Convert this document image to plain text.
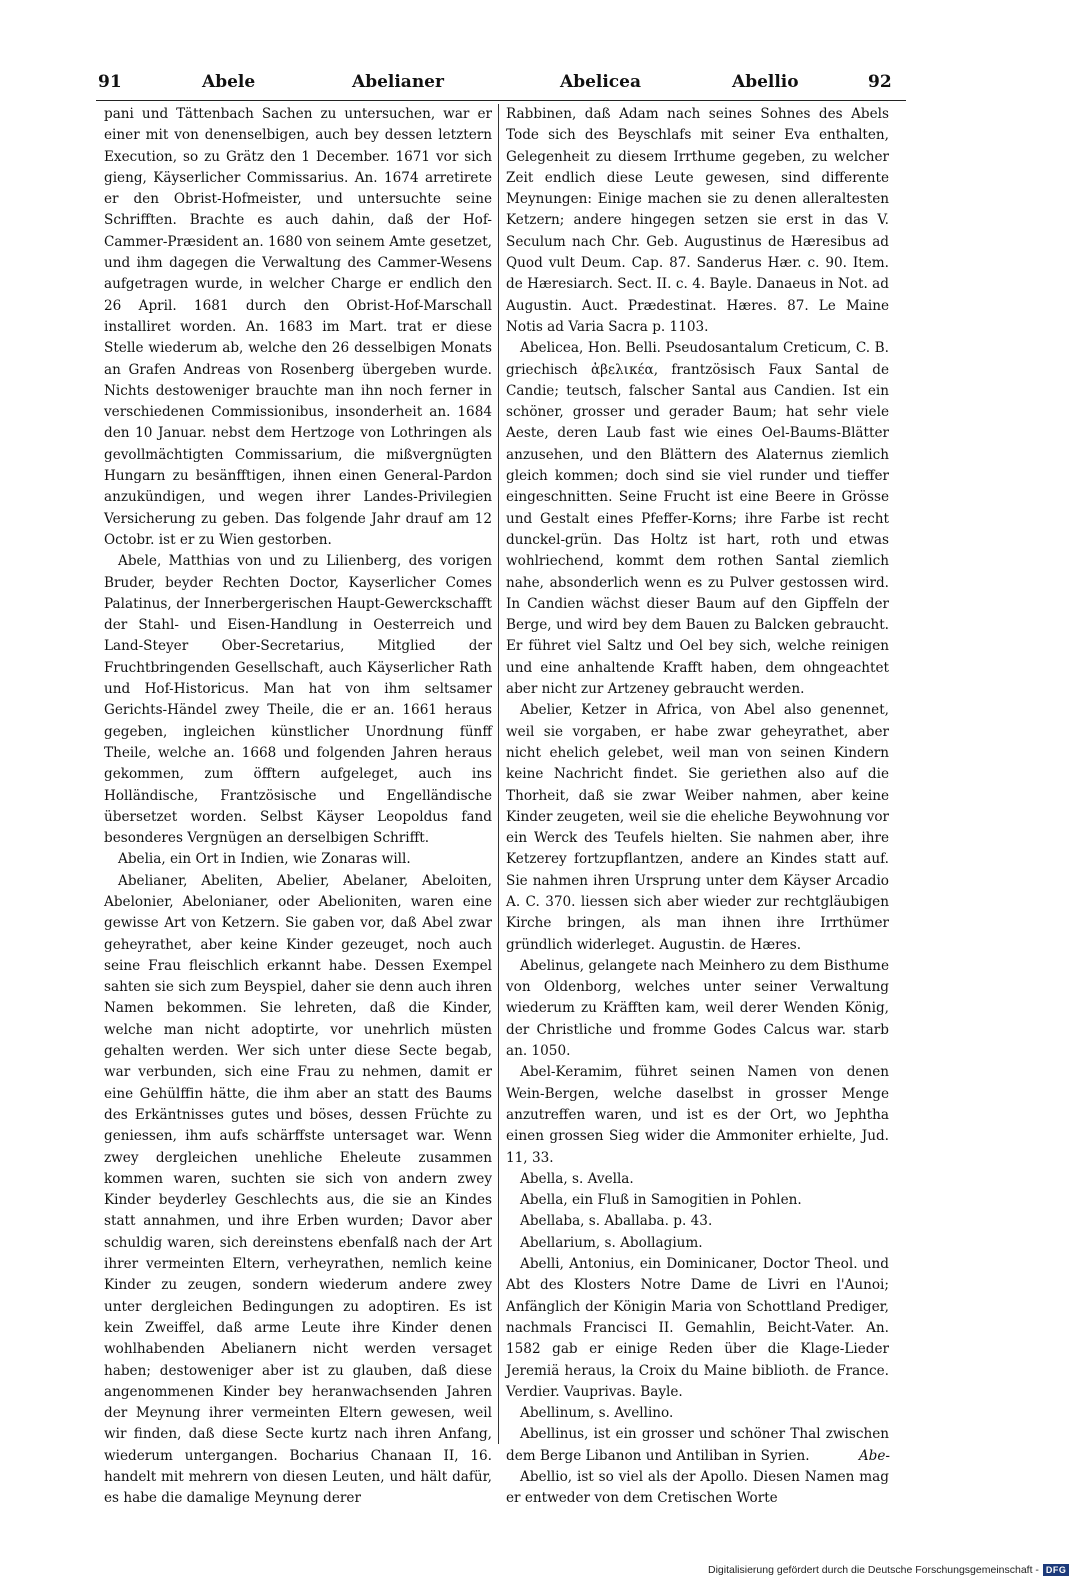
91	Abele	Abelianer	Abelicea	Abellio	92

pani und Tättenbach Sachen zu untersuchen, war er einer mit von denenselbigen, auch bey dessen letztern Execution, so zu Grätz den 1 December. 1671 vor sich gieng, Käyserlicher Commissarius. An. 1674 arretirete er den Obrist-Hofmeister, und untersuchte seine Schrifften. Brachte es auch dahin, daß der Hof-Cammer-Præsident an. 1680 von seinem Amte gesetzet, und ihm dagegen die Verwaltung des Cammer-Wesens aufgetragen wurde, in welcher Charge er endlich den 26 April. 1681 durch den Obrist-Hof-Marschall installiret worden. An. 1683 im Mart. trat er diese Stelle wiederum ab, welche den 26 desselbigen Monats an Grafen Andreas von Rosenberg übergeben wurde. Nichts destoweniger brauchte man ihn noch ferner in verschiedenen Commissionibus, insonderheit an. 1684 den 10 Januar. nebst dem Hertzoge von Lothringen als gevollmächtigten Commissarium, die mißvergnügten Hungarn zu besänfftigen, ihnen einen General-Pardon anzukündigen, und wegen ihrer Landes-Privilegien Versicherung zu geben. Das folgende Jahr drauf am 12 Octobr. ist er zu Wien gestorben.

Abele, Matthias von und zu Lilienberg, des vorigen Bruder, beyder Rechten Doctor, Kayserlicher Comes Palatinus, der Innerbergerischen Haupt-Gewerckschafft der Stahl- und Eisen-Handlung in Oesterreich und Land-Steyer Ober-Secretarius, Mitglied der Fruchtbringenden Gesellschaft, auch Käyserlicher Rath und Hof-Historicus. Man hat von ihm seltsamer Gerichts-Händel zwey Theile, die er an. 1661 heraus gegeben, ingleichen künstlicher Unordnung fünff Theile, welche an. 1668 und folgenden Jahren heraus gekommen, zum öfftern aufgeleget, auch ins Holländische, Frantzösische und Engelländische übersetzet worden. Selbst Käyser Leopoldus fand besonderes Vergnügen an derselbigen Schrifft.

Abelia, ein Ort in Indien, wie Zonaras will.

Abelianer, Abeliten, Abelier, Abelaner, Abeloiten, Abelonier, Abelonianer, oder Abelioniten, waren eine gewisse Art von Ketzern. Sie gaben vor, daß Abel zwar geheyrathet, aber keine Kinder gezeuget, noch auch seine Frau fleischlich erkannt habe. Dessen Exempel sahten sie sich zum Beyspiel, daher sie denn auch ihren Namen bekommen. Sie lehreten, daß die Kinder, welche man nicht adoptirte, vor unehrlich müsten gehalten werden. Wer sich unter diese Secte begab, war verbunden, sich eine Frau zu nehmen, damit er eine Gehülffin hätte, die ihm aber an statt des Baums des Erkäntnisses gutes und böses, dessen Früchte zu geniessen, ihm aufs schärffste untersaget war. Wenn zwey dergleichen unehliche Eheleute zusammen kommen waren, suchten sie sich von andern zwey Kinder beyderley Geschlechts aus, die sie an Kindes statt annahmen, und ihre Erben wurden; Davor aber schuldig waren, sich dereinstens ebenfalß nach der Art ihrer vermeinten Eltern, verheyrathen, nemlich keine Kinder zu zeugen, sondern wiederum andere zwey unter dergleichen Bedingungen zu adoptiren. Es ist kein Zweiffel, daß arme Leute ihre Kinder denen wohlhabenden Abelianern nicht werden versaget haben; destoweniger aber ist zu glauben, daß diese angenommenen Kinder bey heranwachsenden Jahren der Meynung ihrer vermeinten Eltern gewesen, weil wir finden, daß diese Secte kurtz nach ihren Anfang, wiederum untergangen. Bocharius Chanaan II, 16. handelt mit mehrern von diesen Leuten, und hält dafür, es habe die damalige Meynung derer

Rabbinen, daß Adam nach seines Sohnes des Abels Tode sich des Beyschlafs mit seiner Eva enthalten, Gelegenheit zu diesem Irrthume gegeben, zu welcher Zeit endlich diese Leute gewesen, sind differente Meynungen: Einige machen sie zu denen alleraltesten Ketzern; andere hingegen setzen sie erst in das V. Seculum nach Chr. Geb. Augustinus de Hæresibus ad Quod vult Deum. Cap. 87. Sanderus Hær. c. 90. Item. de Hæresiarch. Sect. II. c. 4. Bayle. Danaeus in Not. ad Augustin. Auct. Prædestinat. Hæres. 87. Le Maine Notis ad Varia Sacra p. 1103.

Abelicea, Hon. Belli. Pseudosantalum Creticum, C. B. griechisch ἀβελικέα, frantzösisch Faux Santal de Candie; teutsch, falscher Santal aus Candien. Ist ein schöner, grosser und gerader Baum; hat sehr viele Aeste, deren Laub fast wie eines Oel-Baums-Blätter anzusehen, und den Blättern des Alaternus ziemlich gleich kommen; doch sind sie viel runder und tieffer eingeschnitten. Seine Frucht ist eine Beere in Grösse und Gestalt eines Pfeffer-Korns; ihre Farbe ist recht dunckel-grün. Das Holtz ist hart, roth und etwas wohlriechend, kommt dem rothen Santal ziemlich nahe, absonderlich wenn es zu Pulver gestossen wird. In Candien wächst dieser Baum auf den Gipffeln der Berge, und wird bey dem Bauen zu Balcken gebraucht. Er führet viel Saltz und Oel bey sich, welche reinigen und eine anhaltende Krafft haben, dem ohngeachtet aber nicht zur Artzeney gebraucht werden.

Abelier, Ketzer in Africa, von Abel also genennet, weil sie vorgaben, er habe zwar geheyrathet, aber nicht ehelich gelebet, weil man von seinen Kindern keine Nachricht findet. Sie geriethen also auf die Thorheit, daß sie zwar Weiber nahmen, aber keine Kinder zeugeten, weil sie die eheliche Beywohnung vor ein Werck des Teufels hielten. Sie nahmen aber, ihre Ketzerey fortzupflantzen, andere an Kindes statt auf. Sie nahmen ihren Ursprung unter dem Käyser Arcadio A. C. 370. liessen sich aber wieder zur rechtgläubigen Kirche bringen, als man ihnen ihre Irrthümer gründlich widerleget. Augustin. de Hæres.

Abelinus, gelangete nach Meinhero zu dem Bisthume von Oldenborg, welches unter seiner Verwaltung wiederum zu Kräfften kam, weil derer Wenden König, der Christliche und fromme Godes Calcus war. starb an. 1050.

Abel-Keramim, führet seinen Namen von denen Wein-Bergen, welche daselbst in grosser Menge anzutreffen waren, und ist es der Ort, wo Jephtha einen grossen Sieg wider die Ammoniter erhielte, Jud. 11, 33.

Abella, s. Avella.

Abella, ein Fluß in Samogitien in Pohlen.

Abellaba, s. Aballaba. p. 43.

Abellarium, s. Abollagium.

Abelli, Antonius, ein Dominicaner, Doctor Theol. und Abt des Klosters Notre Dame de Livri en l'Aunoi; Anfänglich der Königin Maria von Schottland Prediger, nachmals Francisci II. Gemahlin, Beicht-Vater. An. 1582 gab er einige Reden über die Klage-Lieder Jeremiä heraus, la Croix du Maine biblioth. de France. Verdier. Vauprivas. Bayle.

Abellinum, s. Avellino.

Abellinus, ist ein grosser und schöner Thal zwischen dem Berge Libanon und Antiliban in Syrien.

Abellio, ist so viel als der Apollo. Diesen Namen mag er entweder von dem Cretischen Worte

Abe-
Digitalisierung gefördert durch die Deutsche Forschungsgemeinschaft - DFG
